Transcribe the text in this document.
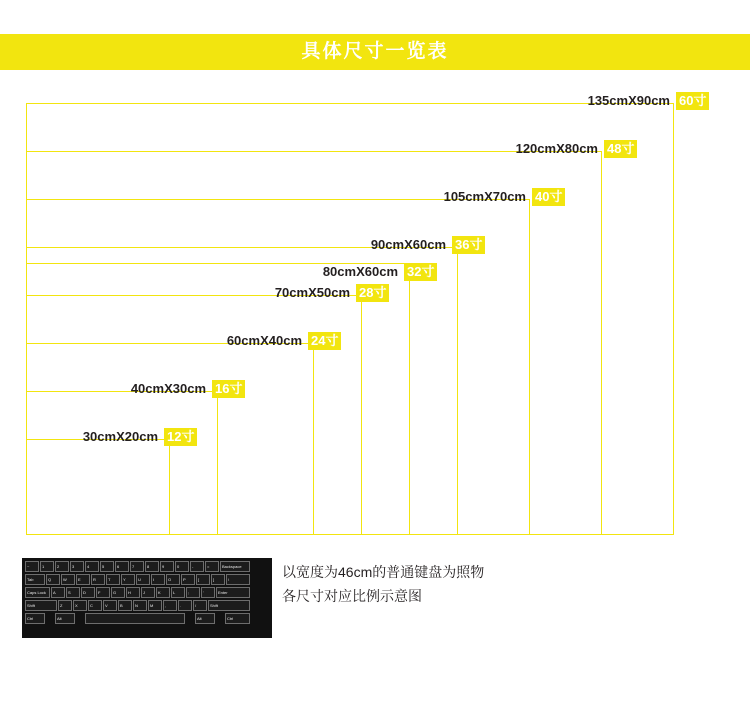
具体尺寸一览表
135cmX90cm 60寸
120cmX80cm 48寸
105cmX70cm 40寸
90cmX60cm 36寸
80cmX60cm 32寸
70cmX50cm 28寸
60cmX40cm 24寸
40cmX30cm 16寸
30cmX20cm 12寸
~	1	2	3	4	5	6	7	8	9	0	-	=	Backspace
Tab	Q	W	E	R	T	Y	U	I	O	P	[	]	\
Caps Lock	A	S	D	F	G	H	J	K	L	;	'	Enter
Shift	Z	X	C	V	B	N	M	,	.	/	Shift
Ctrl	Alt	Alt	Ctrl
以宽度为46cm的普通键盘为照物
各尺寸对应比例示意图
